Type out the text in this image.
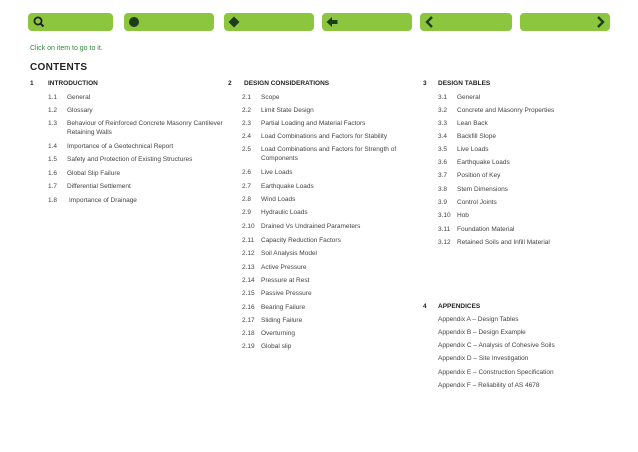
Click on item to go to it.
CONTENTS
1 INTRODUCTION
1.1 General
1.2 Glossary
1.3 Behaviour of Reinforced Concrete Masonry Cantilever Retaining Walls
1.4 Importance of a Geotechnical Report
1.5 Safety and Protection of Existing Structures
1.6 Global Slip Failure
1.7 Differential Settlement
1.8 Importance of Drainage
2 DESIGN CONSIDERATIONS
2.1 Scope
2.2 Limit State Design
2.3 Partial Loading and Material Factors
2.4 Load Combinations and Factors for Stability
2.5 Load Combinations and Factors for Strength of Components
2.6 Live Loads
2.7 Earthquake Loads
2.8 Wind Loads
2.9 Hydraulic Loads
2.10 Drained Vs Undrained Parameters
2.11 Capacity Reduction Factors
2.12 Soil Analysis Model
2.13 Active Pressure
2.14 Pressure at Rest
2.15 Passive Pressure
2.16 Bearing Failure
2.17 Sliding Failure
2.18 Overturning
2.19 Global slip
3 DESIGN TABLES
3.1 General
3.2 Concrete and Masonry Properties
3.3 Lean Back
3.4 Backfill Slope
3.5 Live Loads
3.6 Earthquake Loads
3.7 Position of Key
3.8 Stem Dimensions
3.9 Control Joints
3.10 Hob
3.11 Foundation Material
3.12 Retained Soils and Infill Material
4 APPENDICES
Appendix A – Design Tables
Appendix B – Design Example
Appendix C – Analysis of Cohesive Soils
Appendix D – Site Investigation
Appendix E – Construction Specification
Appendix F – Reliability of AS 4678
